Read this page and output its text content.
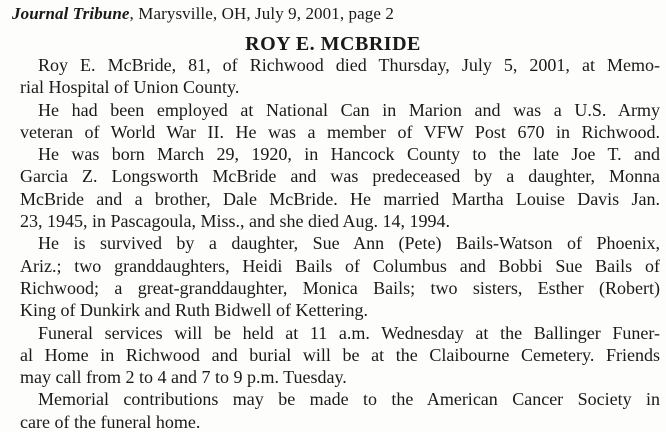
Journal Tribune, Marysville, OH, July 9, 2001, page 2
ROY E. MCBRIDE
Roy E. McBride, 81, of Richwood died Thursday, July 5, 2001, at Memo-
rial Hospital of Union County.
He had been employed at National Can in Marion and was a U.S. Army
veteran of World War II. He was a member of VFW Post 670 in Richwood.
He was born March 29, 1920, in Hancock County to the late Joe T. and
Garcia Z. Longsworth McBride and was predeceased by a daughter, Monna
McBride and a brother, Dale McBride. He married Martha Louise Davis Jan.
23, 1945, in Pascagoula, Miss., and she died Aug. 14, 1994.
He is survived by a daughter, Sue Ann (Pete) Bails-Watson of Phoenix,
Ariz.; two granddaughters, Heidi Bails of Columbus and Bobbi Sue Bails of
Richwood; a great-granddaughter, Monica Bails; two sisters, Esther (Robert)
King of Dunkirk and Ruth Bidwell of Kettering.
Funeral services will be held at 11 a.m. Wednesday at the Ballinger Funer-
al Home in Richwood and burial will be at the Claibourne Cemetery. Friends
may call from 2 to 4 and 7 to 9 p.m. Tuesday.
Memorial contributions may be made to the American Cancer Society in
care of the funeral home.
